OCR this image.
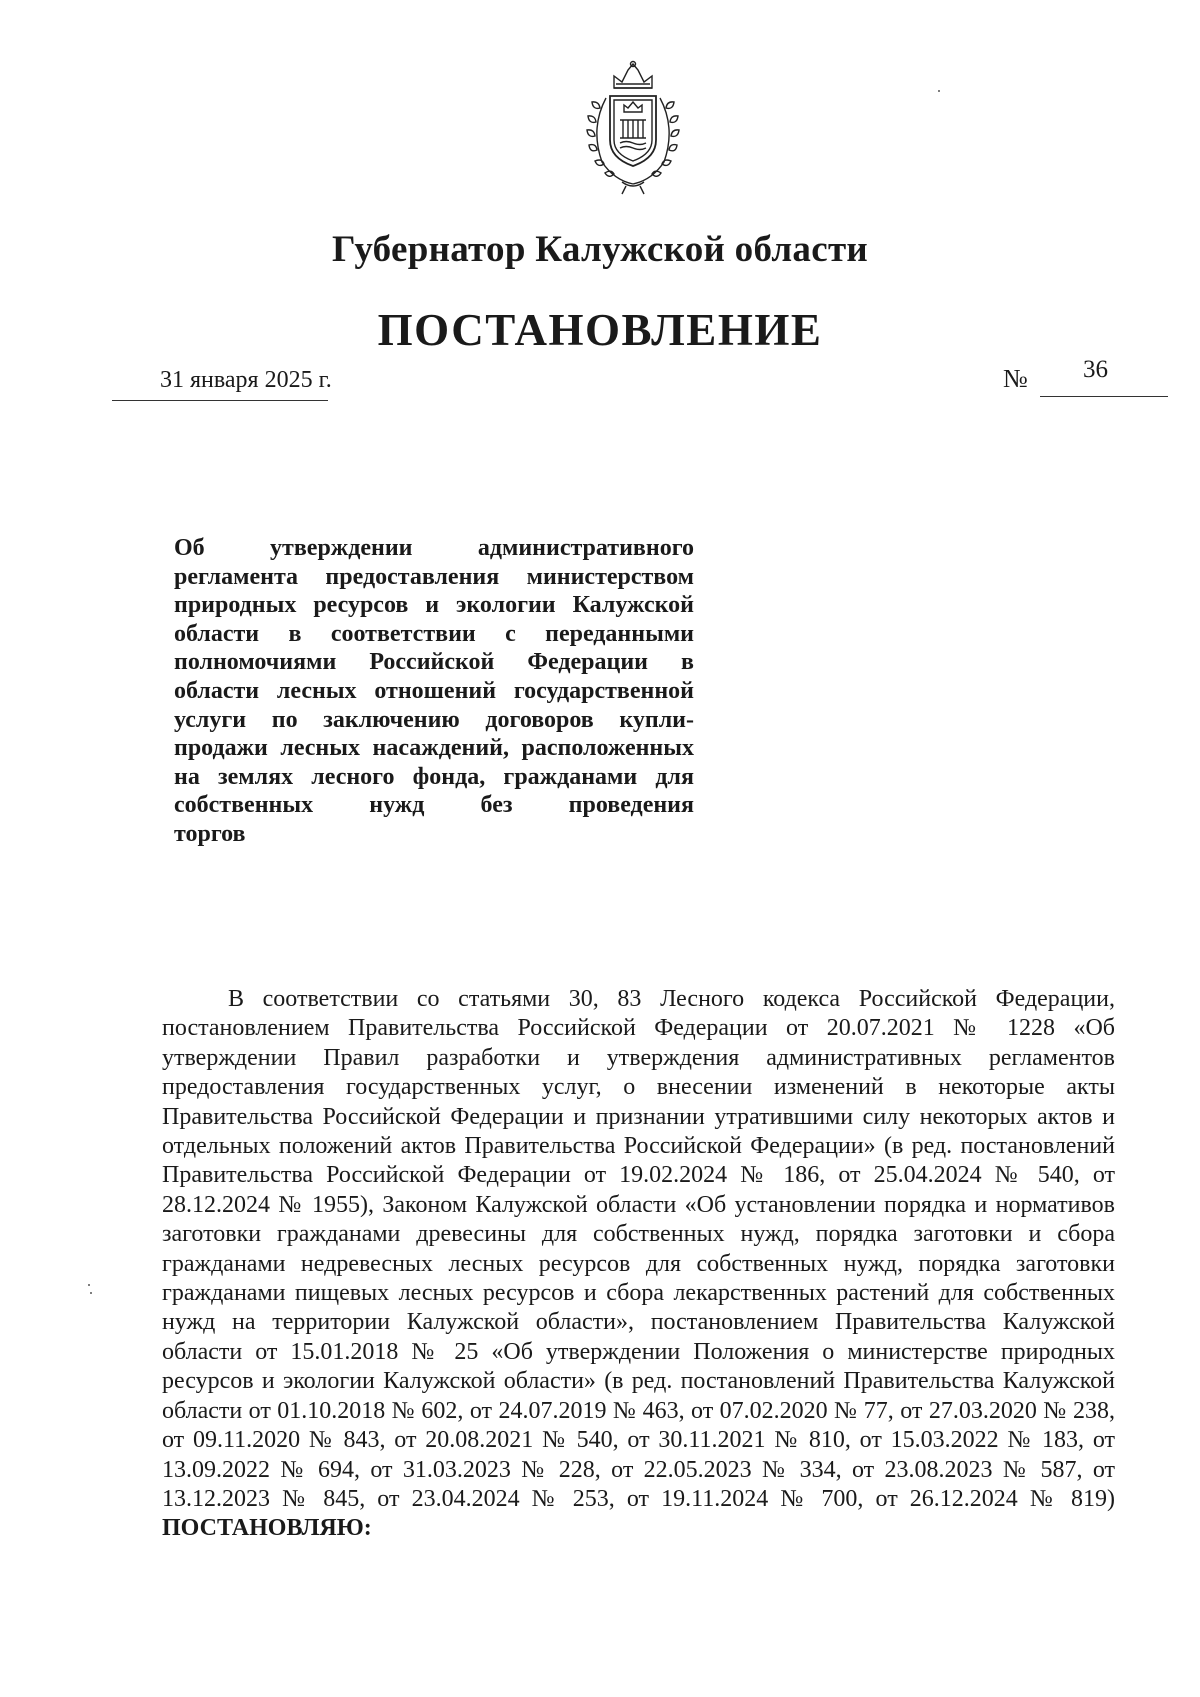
Губернатор Калужской области
ПОСТАНОВЛЕНИЕ
31 января 2025 г.	№ 36
Об утверждении административного регламента предоставления министерством природных ресурсов и экологии Калужской области в соответствии с переданными полномочиями Российской Федерации в области лесных отношений государственной услуги по заключению договоров купли-продажи лесных насаждений, расположенных на землях лесного фонда, гражданами для собственных нужд без проведения
торгов
В соответствии со статьями 30, 83 Лесного кодекса Российской Федерации, постановлением Правительства Российской Федерации от 20.07.2021 № 1228 «Об утверждении Правил разработки и утверждения административных регламентов предоставления государственных услуг, о внесении изменений в некоторые акты Правительства Российской Федерации и признании утратившими силу некоторых актов и отдельных положений актов Правительства Российской Федерации» (в ред. постановлений Правительства Российской Федерации от 19.02.2024 № 186, от 25.04.2024 № 540, от 28.12.2024 № 1955), Законом Калужской области «Об установлении порядка и нормативов заготовки гражданами древесины для собственных нужд, порядка заготовки и сбора гражданами недревесных лесных ресурсов для собственных нужд, порядка заготовки гражданами пищевых лесных ресурсов и сбора лекарственных растений для собственных нужд на территории Калужской области», постановлением Правительства Калужской области от 15.01.2018 № 25 «Об утверждении Положения о министерстве природных ресурсов и экологии Калужской области» (в ред. постановлений Правительства Калужской области от 01.10.2018 № 602, от 24.07.2019 № 463, от 07.02.2020 № 77, от 27.03.2020 № 238, от 09.11.2020 № 843, от 20.08.2021 № 540, от 30.11.2021 № 810, от 15.03.2022 № 183, от 13.09.2022 № 694, от 31.03.2023 № 228, от 22.05.2023 № 334, от 23.08.2023 № 587, от 13.12.2023 № 845, от 23.04.2024 № 253, от 19.11.2024 № 700, от 26.12.2024 № 819) ПОСТАНОВЛЯЮ:
